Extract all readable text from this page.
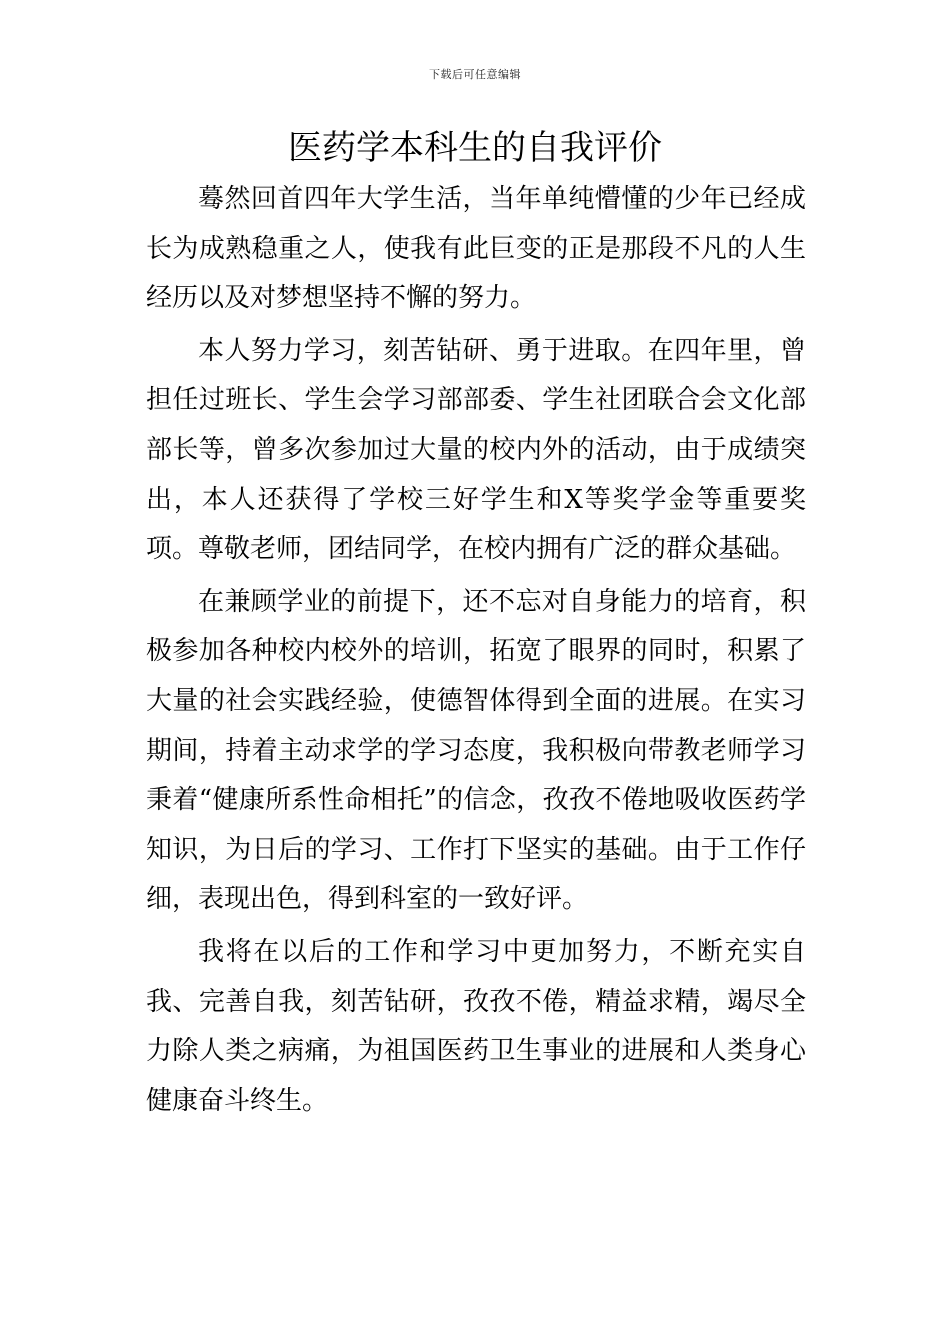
下载后可任意编辑
医药学本科生的自我评价

蓦然回首四年大学生活，当年单纯懵懂的少年已经成长为成熟稳重之人，使我有此巨变的正是那段不凡的人生经历以及对梦想坚持不懈的努力。

本人努力学习，刻苦钻研、勇于进取。在四年里，曾担任过班长、学生会学习部部委、学生社团联合会文化部部长等，曾多次参加过大量的校内外的活动，由于成绩突出，本人还获得了学校三好学生和X等奖学金等重要奖项。尊敬老师，团结同学，在校内拥有广泛的群众基础。

在兼顾学业的前提下，还不忘对自身能力的培育，积极参加各种校内校外的培训，拓宽了眼界的同时，积累了大量的社会实践经验，使德智体得到全面的进展。在实习期间，持着主动求学的学习态度，我积极向带教老师学习秉着“健康所系性命相托”的信念，孜孜不倦地吸收医药学知识，为日后的学习、工作打下坚实的基础。由于工作仔细，表现出色，得到科室的一致好评。

我将在以后的工作和学习中更加努力，不断充实自我、完善自我，刻苦钻研，孜孜不倦，精益求精，竭尽全力除人类之病痛，为祖国医药卫生事业的进展和人类身心健康奋斗终生。
